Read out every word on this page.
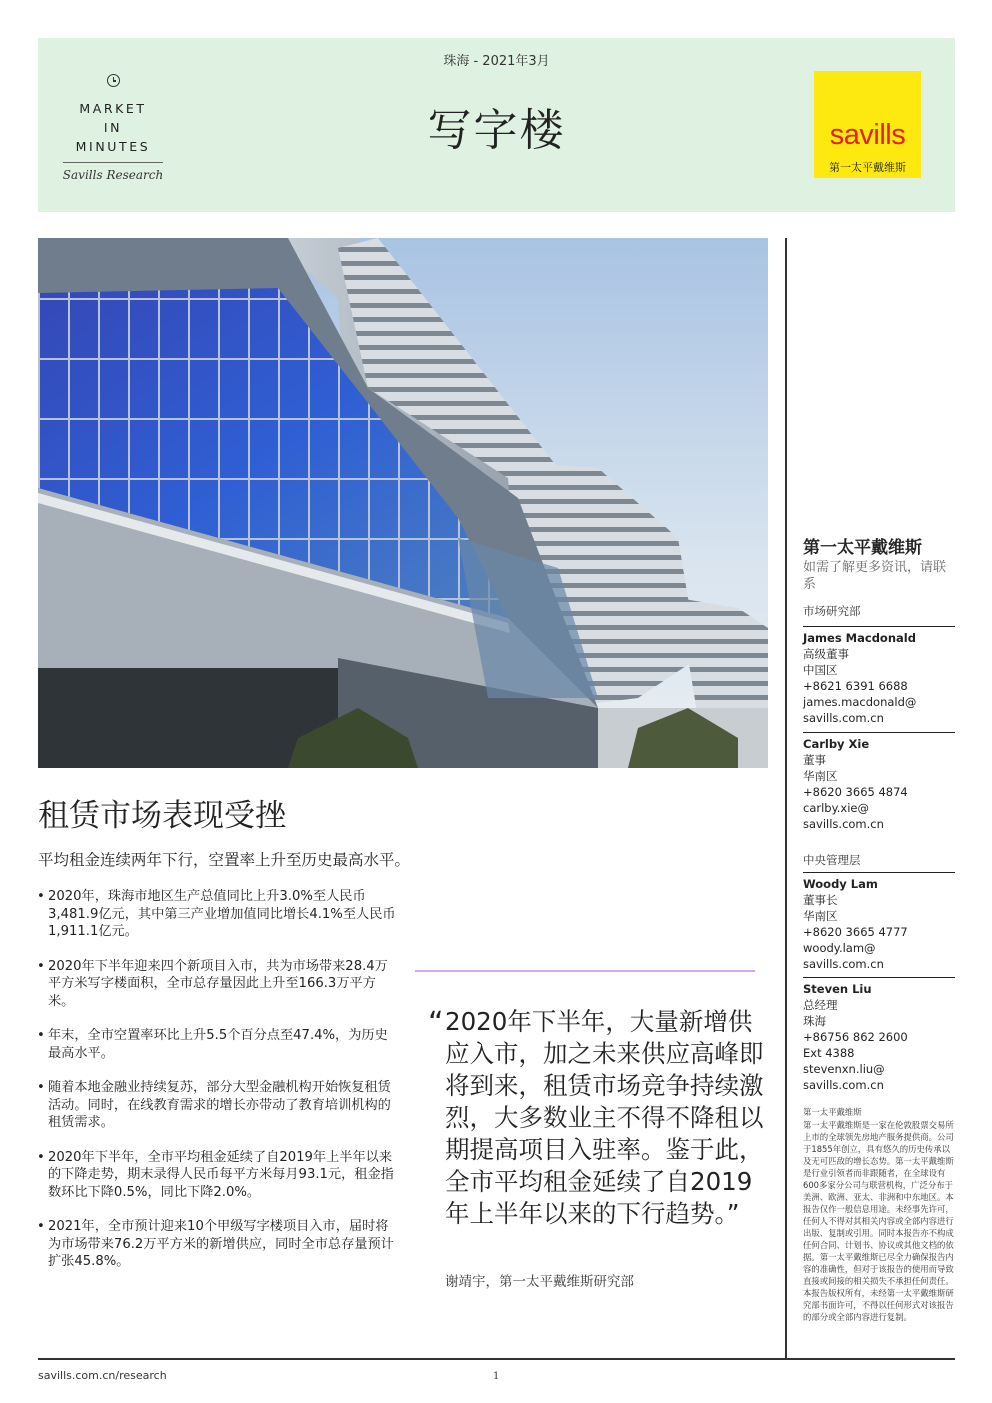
MARKET
IN
MINUTES
Savills Research
珠海 - 2021年3月
写字楼	savills
第一太平戴维斯
租赁市场表现受挫
平均租金连续两年下行，空置率上升至历史最高水平。
• 2020年，珠海市地区生产总值同比上升3.0%至人民币3,481.9亿元，其中第三产业增加值同比增长4.1%至人民币1,911.1亿元。
• 2020年下半年迎来四个新项目入市，共为市场带来28.4万平方米写字楼面积，全市总存量因此上升至166.3万平方米。
• 年末，全市空置率环比上升5.5个百分点至47.4%，为历史最高水平。
• 随着本地金融业持续复苏，部分大型金融机构开始恢复租赁活动。同时，在线教育需求的增长亦带动了教育培训机构的租赁需求。
• 2020年下半年，全市平均租金延续了自2019年上半年以来的下降走势，期末录得人民币每平方米每月93.1元，租金指数环比下降0.5%，同比下降2.0%。
• 2021年，全市预计迎来10个甲级写字楼项目入市，届时将为市场带来76.2万平方米的新增供应，同时全市总存量预计扩张45.8%。
“ 2020年下半年，大量新增供应入市，加之未来供应高峰即将到来，租赁市场竞争持续激烈，大多数业主不得不降租以期提高项目入驻率。鉴于此，全市平均租金延续了自2019年上半年以来的下行趋势。”
谢靖宇，第一太平戴维斯研究部
第一太平戴维斯
如需了解更多资讯，请联系
市场研究部
James Macdonald
高级董事
中国区
+8621 6391 6688
james.macdonald@
savills.com.cn
Carlby Xie
董事
华南区
+8620 3665 4874
carlby.xie@
savills.com.cn
中央管理层
Woody Lam
董事长
华南区
+8620 3665 4777
woody.lam@
savills.com.cn
Steven Liu
总经理
珠海
+86756 862 2600
Ext 4388
stevenxn.liu@
savills.com.cn
第一太平戴维斯
第一太平戴维斯是一家在伦敦股票交易所上市的全球领先房地产服务提供商。公司于1855年创立，具有悠久的历史传承以及无可匹敌的增长态势。第一太平戴维斯是行业引领者而非跟随者，在全球设有600多家分公司与联营机构，广泛分布于美洲、欧洲、亚太、非洲和中东地区。本报告仅作一般信息用途。未经事先许可，任何人不得对其相关内容或全部内容进行出版、复制或引用。同时本报告亦不构成任何合同、计划书、协议或其他文档的依据。第一太平戴维斯已尽全力确保报告内容的准确性，但对于该报告的使用而导致直接或间接的相关损失不承担任何责任。本报告版权所有，未经第一太平戴维斯研究部书面许可，不得以任何形式对该报告的部分或全部内容进行复制。
savills.com.cn/research	1
